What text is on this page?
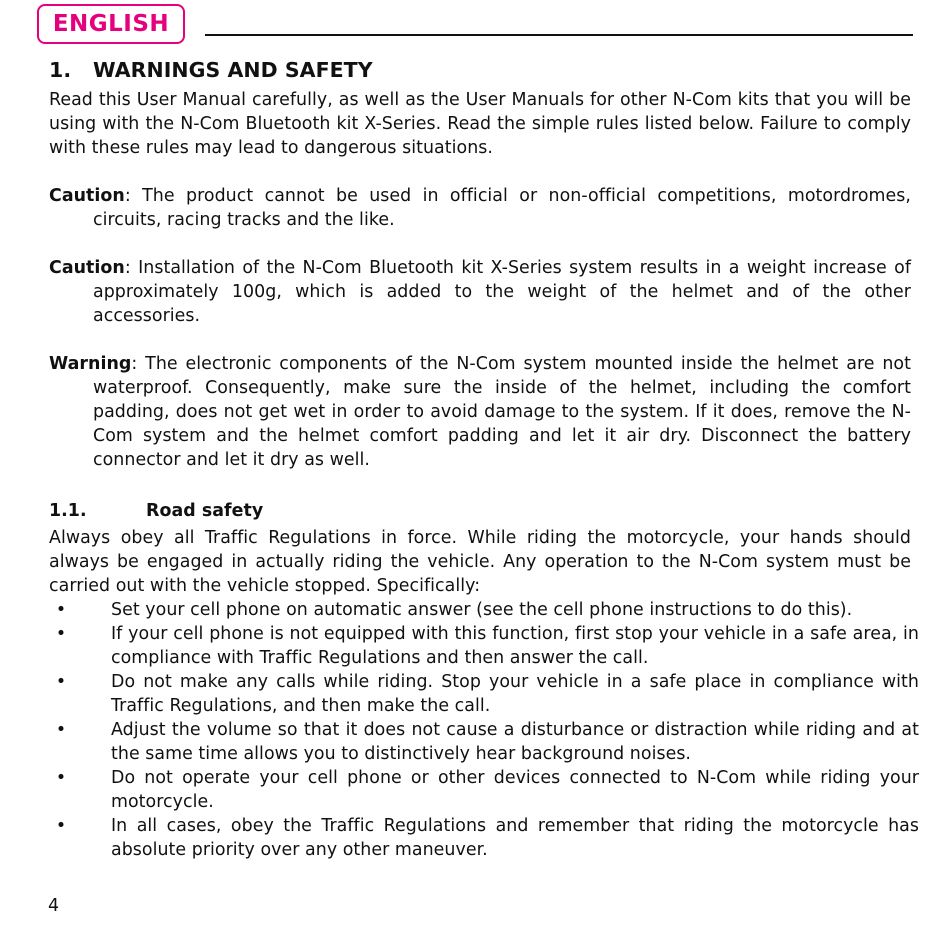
ENGLISH
1. WARNINGS AND SAFETY

Read this User Manual carefully, as well as the User Manuals for other N-Com kits that you will be using with the N-Com Bluetooth kit X-Series. Read the simple rules listed below. Failure to comply with these rules may lead to dangerous situations.

Caution: The product cannot be used in official or non-official competitions, motordromes, circuits, racing tracks and the like.

Caution: Installation of the N-Com Bluetooth kit X-Series system results in a weight increase of approximately 100g, which is added to the weight of the helmet and of the other accessories.

Warning: The electronic components of the N-Com system mounted inside the helmet are not waterproof. Consequently, make sure the inside of the helmet, including the comfort padding, does not get wet in order to avoid damage to the system. If it does, remove the N-Com system and the helmet comfort padding and let it air dry. Disconnect the battery connector and let it dry as well.

1.1.	Road safety

Always obey all Traffic Regulations in force. While riding the motorcycle, your hands should always be engaged in actually riding the vehicle. Any operation to the N-Com system must be carried out with the vehicle stopped. Specifically:

•	Set your cell phone on automatic answer (see the cell phone instructions to do this).
•	If your cell phone is not equipped with this function, first stop your vehicle in a safe area, in compliance with Traffic Regulations and then answer the call.
•	Do not make any calls while riding. Stop your vehicle in a safe place in compliance with Traffic Regulations, and then make the call.
•	Adjust the volume so that it does not cause a disturbance or distraction while riding and at the same time allows you to distinctively hear background noises.
•	Do not operate your cell phone or other devices connected to N-Com while riding your motorcycle.
•	In all cases, obey the Traffic Regulations and remember that riding the motorcycle has absolute priority over any other maneuver.
4
